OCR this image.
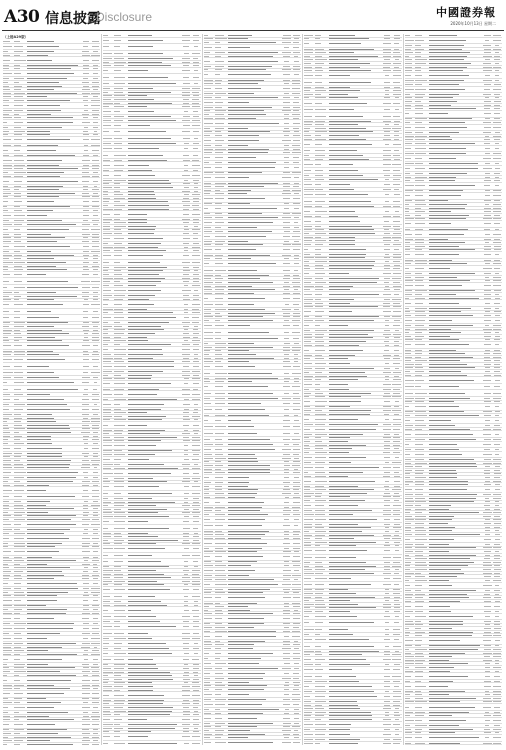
A30 信息披露
Disclosure	中國證券報
2020年10月13日 星期二
（上接A29版）
